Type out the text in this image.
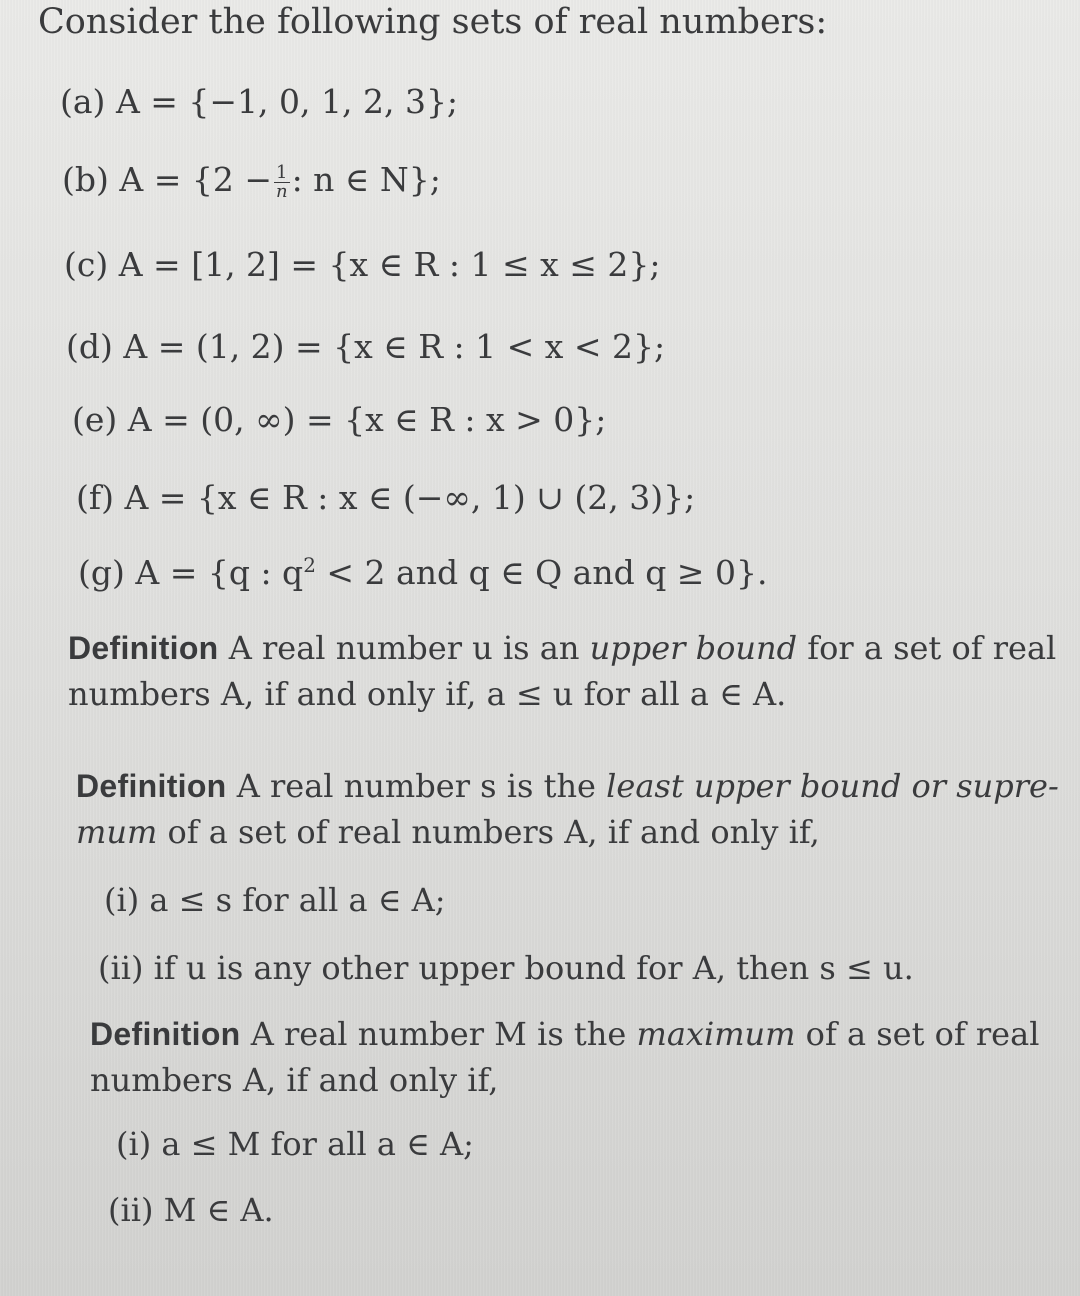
Consider the following sets of real numbers:
(a) A = {−1, 0, 1, 2, 3};
(b) $A = \{2 - \frac{1}{n}$ : n ∈ N};
(c) A = [1, 2] = {x ∈ R : 1 ≤ x ≤ 2};
(d) A = (1, 2) = {x ∈ R : 1 < x < 2};
(e) A = (0, ∞) = {x ∈ R : x > 0};
(f) A = {x ∈ R : x ∈ (−∞, 1) ∪ (2, 3)};
(g) A = {q : $q^2 < 2$ and q ∈ Q and q ≥ 0}.
Definition A real number u is an upper bound for a set of real
numbers A, if and only if, a ≤ u for all a ∈ A.
Definition A real number s is the least upper bound or supre-
mum of a set of real numbers A, if and only if,
(i) a ≤ s for all a ∈ A;
(ii) if u is any other upper bound for A, then s ≤ u.
Definition A real number M is the maximum of a set of real
numbers A, if and only if,
(i) a ≤ M for all a ∈ A;
(ii) M ∈ A.
